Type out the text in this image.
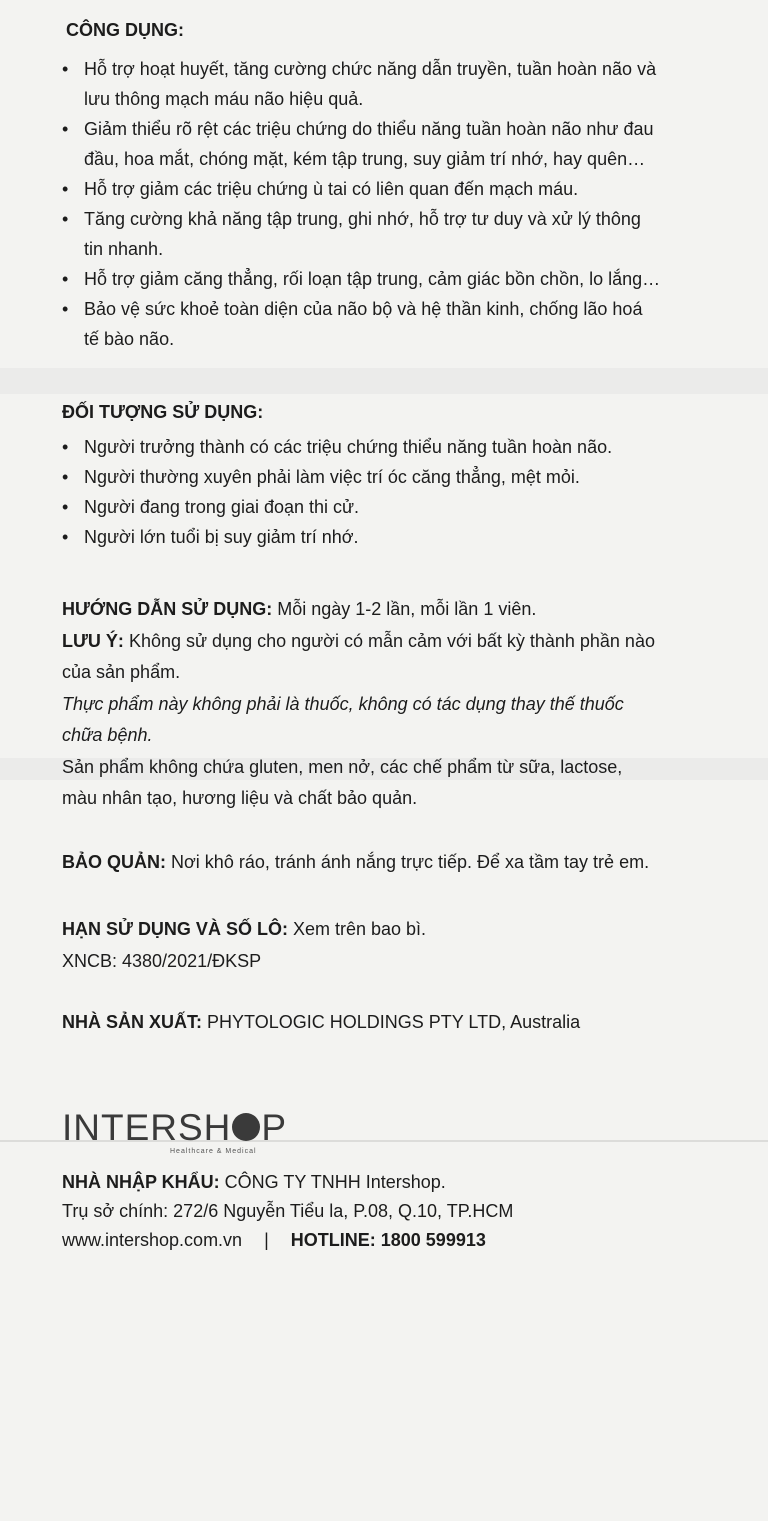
CÔNG DỤNG:
• Hỗ trợ hoạt huyết, tăng cường chức năng dẫn truyền, tuần hoàn não và
lưu thông mạch máu não hiệu quả.
• Giảm thiểu rõ rệt các triệu chứng do thiểu năng tuần hoàn não như đau
đầu, hoa mắt, chóng mặt, kém tập trung, suy giảm trí nhớ, hay quên…
• Hỗ trợ giảm các triệu chứng ù tai có liên quan đến mạch máu.
• Tăng cường khả năng tập trung, ghi nhớ, hỗ trợ tư duy và xử lý thông
tin nhanh.
• Hỗ trợ giảm căng thẳng, rối loạn tập trung, cảm giác bồn chồn, lo lắng…
• Bảo vệ sức khoẻ toàn diện của não bộ và hệ thần kinh, chống lão hoá
tế bào não.
ĐỐI TƯỢNG SỬ DỤNG:
• Người trưởng thành có các triệu chứng thiểu năng tuần hoàn não.
• Người thường xuyên phải làm việc trí óc căng thẳng, mệt mỏi.
• Người đang trong giai đoạn thi cử.
• Người lớn tuổi bị suy giảm trí nhớ.
HƯỚNG DẪN SỬ DỤNG: Mỗi ngày 1-2 lần, mỗi lần 1 viên.
LƯU Ý: Không sử dụng cho người có mẫn cảm với bất kỳ thành phần nào
của sản phẩm.
Thực phẩm này không phải là thuốc, không có tác dụng thay thế thuốc
chữa bệnh.
Sản phẩm không chứa gluten, men nở, các chế phẩm từ sữa, lactose,
màu nhân tạo, hương liệu và chất bảo quản.
BẢO QUẢN: Nơi khô ráo, tránh ánh nắng trực tiếp. Để xa tầm tay trẻ em.
HẠN SỬ DỤNG VÀ SỐ LÔ: Xem trên bao bì.
XNCB: 4380/2021/ĐKSP
NHÀ SẢN XUẤT: PHYTOLOGIC HOLDINGS PTY LTD, Australia
INTERSH P
Healthcare & Medical
NHÀ NHẬP KHẨU: CÔNG TY TNHH Intershop.
Trụ sở chính: 272/6 Nguyễn Tiểu la, P.08, Q.10, TP.HCM
www.intershop.com.vn | HOTLINE: 1800 599913
